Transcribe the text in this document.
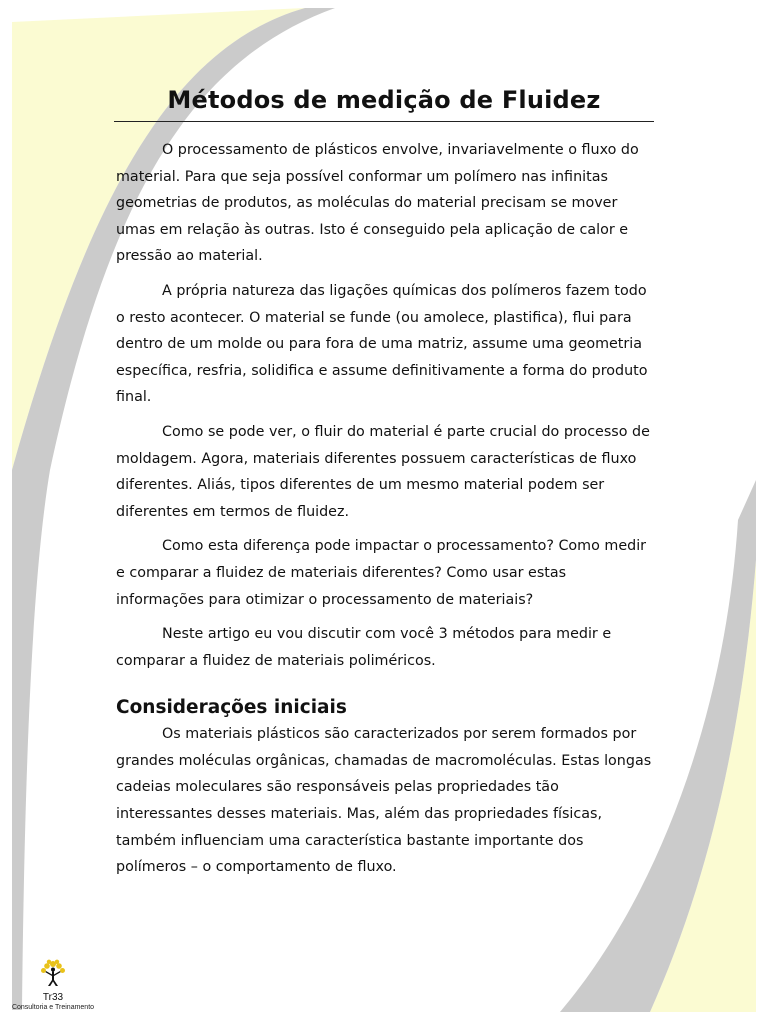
Métodos de medição de Fluidez

O processamento de plásticos envolve, invariavelmente o fluxo do material. Para que seja possível conformar um polímero nas infinitas geometrias de produtos, as moléculas do material precisam se mover umas em relação às outras. Isto é conseguido pela aplicação de calor e pressão ao material.

A própria natureza das ligações químicas dos polímeros fazem todo o resto acontecer. O material se funde (ou amolece, plastifica), flui para dentro de um molde ou para fora de uma matriz, assume uma geometria específica, resfria, solidifica e assume definitivamente a forma do produto final.

Como se pode ver, o fluir do material é parte crucial do processo de moldagem. Agora, materiais diferentes possuem características de fluxo diferentes. Aliás, tipos diferentes de um mesmo material podem ser diferentes em termos de fluidez.

Como esta diferença pode impactar o processamento? Como medir e comparar a fluidez de materiais diferentes? Como usar estas informações para otimizar o processamento de materiais?

Neste artigo eu vou discutir com você 3 métodos para medir e comparar a fluidez de materiais poliméricos.

Considerações iniciais

Os materiais plásticos são caracterizados por serem formados por grandes moléculas orgânicas, chamadas de macromoléculas. Estas longas cadeias moleculares são responsáveis pelas propriedades tão interessantes desses materiais. Mas, além das propriedades físicas, também influenciam uma característica bastante importante dos polímeros – o comportamento de fluxo.

Tr33
Consultoria e Treinamento
